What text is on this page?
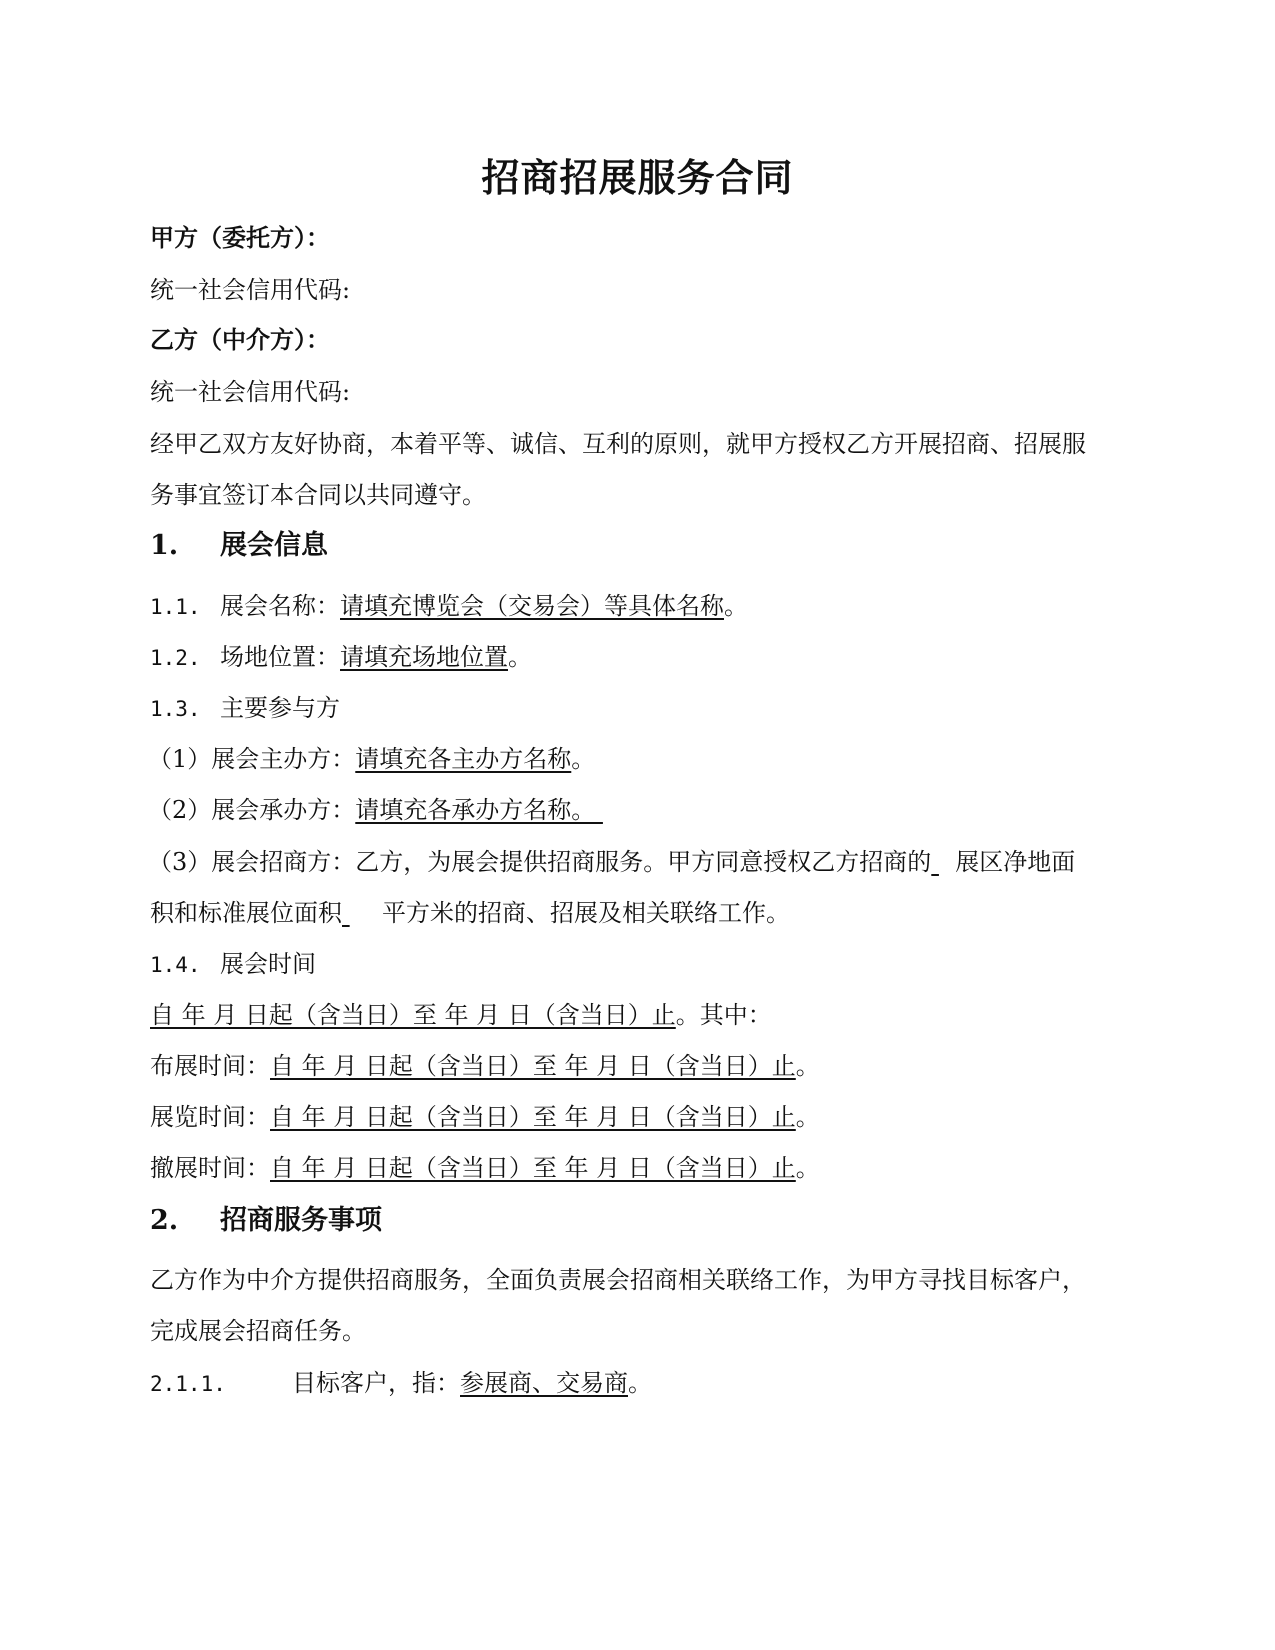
招商招展服务合同
甲方（委托方）：
统一社会信用代码:
乙方（中介方）：
统一社会信用代码:
经甲乙双方友好协商，本着平等、诚信、互利的原则，就甲方授权乙方开展招商、招展服
务事宜签订本合同以共同遵守。
1. 展会信息
1.1. 展会名称：请填充博览会（交易会）等具体名称。
1.2. 场地位置：请填充场地位置。
1.3. 主要参与方
（1）展会主办方：请填充各主办方名称。
（2）展会承办方：请填充各承办方名称。
（3）展会招商方：乙方，为展会提供招商服务。甲方同意授权乙方招商的 展区净地面
积和标准展位面积 平方米的招商、招展及相关联络工作。
1.4. 展会时间
自 年 月 日起（含当日）至 年 月 日（含当日）止。其中：
布展时间：自 年 月 日起（含当日）至 年 月 日（含当日）止。
展览时间：自 年 月 日起（含当日）至 年 月 日（含当日）止。
撤展时间：自 年 月 日起（含当日）至 年 月 日（含当日）止。
2. 招商服务事项
乙方作为中介方提供招商服务，全面负责展会招商相关联络工作，为甲方寻找目标客户，
完成展会招商任务。
2.1.1.	目标客户，指：参展商、交易商。
